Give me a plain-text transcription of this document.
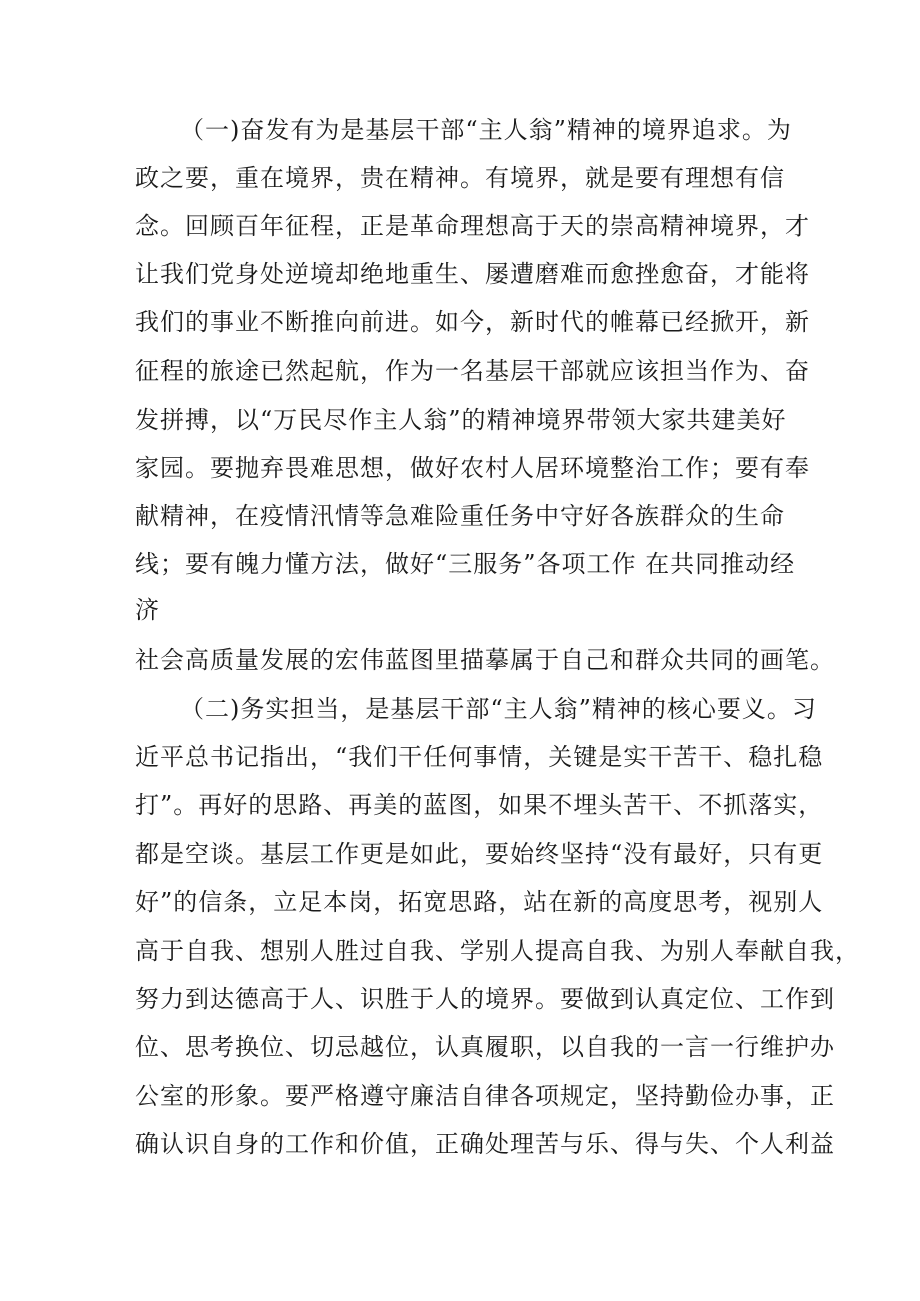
（一)奋发有为是基层干部“主人翁”精神的境界追求。为
政之要，重在境界，贵在精神。有境界，就是要有理想有信
念。回顾百年征程，正是革命理想高于天的崇高精神境界，才
让我们党身处逆境却绝地重生、屡遭磨难而愈挫愈奋，才能将
我们的事业不断推向前进。如今，新时代的帷幕已经掀开，新
征程的旅途已然起航，作为一名基层干部就应该担当作为、奋
发拼搏，以“万民尽作主人翁”的精神境界带领大家共建美好
家园。要抛弃畏难思想，做好农村人居环境整治工作；要有奉
献精神，在疫情汛情等急难险重任务中守好各族群众的生命
线；要有魄力懂方法，做好“三服务”各项工作 在共同推动经
济
社会高质量发展的宏伟蓝图里描摹属于自己和群众共同的画笔。
（二)务实担当，是基层干部“主人翁”精神的核心要义。习
近平总书记指出，“我们干任何事情，关键是实干苦干、稳扎稳
打”。再好的思路、再美的蓝图，如果不埋头苦干、不抓落实，
都是空谈。基层工作更是如此，要始终坚持“没有最好，只有更
好”的信条，立足本岗，拓宽思路，站在新的高度思考，视别人
高于自我、想别人胜过自我、学别人提高自我、为别人奉献自我，
努力到达德高于人、识胜于人的境界。要做到认真定位、工作到
位、思考换位、切忌越位，认真履职，以自我的一言一行维护办
公室的形象。要严格遵守廉洁自律各项规定，坚持勤俭办事，正
确认识自身的工作和价值，正确处理苦与乐、得与失、个人利益
